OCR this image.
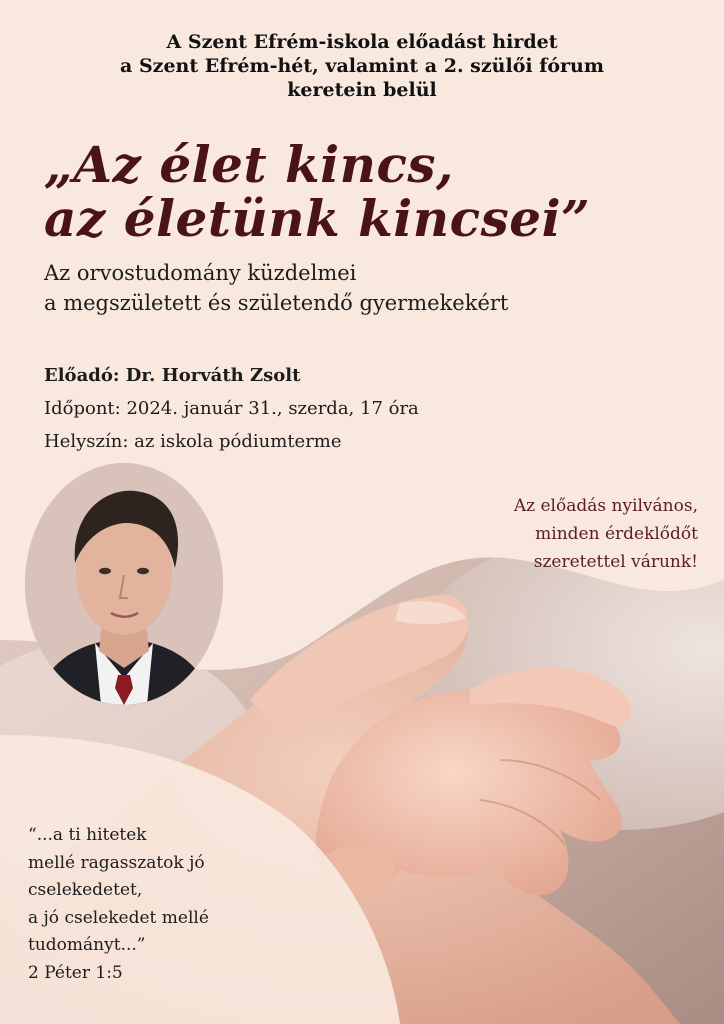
A Szent Efrém-iskola előadást hirdet
a Szent Efrém-hét, valamint a 2. szülői fórum
keretein belül
„Az élet kincs,
az életünk kincsei”
Az orvostudomány küzdelmei
a megszületett és születendő gyermekekért
Előadó: Dr. Horváth Zsolt
Időpont: 2024. január 31., szerda, 17 óra
Helyszín: az iskola pódiumterme
Az előadás nyilvános,
minden érdeklődőt
szeretettel várunk!
“...a ti hitetek
mellé ragasszatok jó
cselekedetet,
a jó cselekedet mellé
tudományt...”
2 Péter 1:5
